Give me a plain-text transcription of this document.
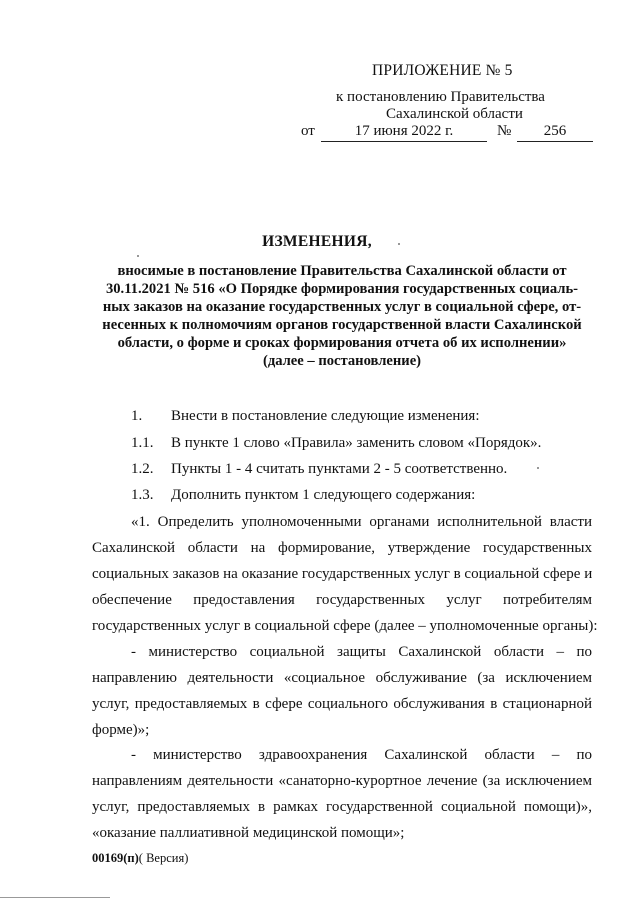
ПРИЛОЖЕНИЕ № 5
к постановлению Правительства
Сахалинской области
от	17 июня 2022 г.	№	256
ИЗМЕНЕНИЯ,
вносимые в постановление Правительства Сахалинской области от
30.11.2021 № 516 «О Порядке формирования государственных социаль-
ных заказов на оказание государственных услуг в социальной сфере, от-
несенных к полномочиям органов государственной власти Сахалинской
области, о форме и сроках формирования отчета об их исполнении»
(далее – постановление)
1. Внести в постановление следующие изменения:
1.1. В пункте 1 слово «Правила» заменить словом «Порядок».
1.2. Пункты 1 - 4 считать пунктами 2 - 5 соответственно.
1.3. Дополнить пунктом 1 следующего содержания:
«1. Определить уполномоченными органами исполнительной власти
Сахалинской области на формирование, утверждение государственных
социальных заказов на оказание государственных услуг в социальной сфере и
обеспечение предоставления государственных услуг потребителям
государственных услуг в социальной сфере (далее – уполномоченные органы):
- министерство социальной защиты Сахалинской области – по
направлению деятельности «социальное обслуживание (за исключением
услуг, предоставляемых в сфере социального обслуживания в стационарной
форме)»;
- министерство здравоохранения Сахалинской области – по
направлениям деятельности «санаторно-курортное лечение (за исключением
услуг, предоставляемых в рамках государственной социальной помощи)»,
«оказание паллиативной медицинской помощи»;
00169(п)( Версия)
